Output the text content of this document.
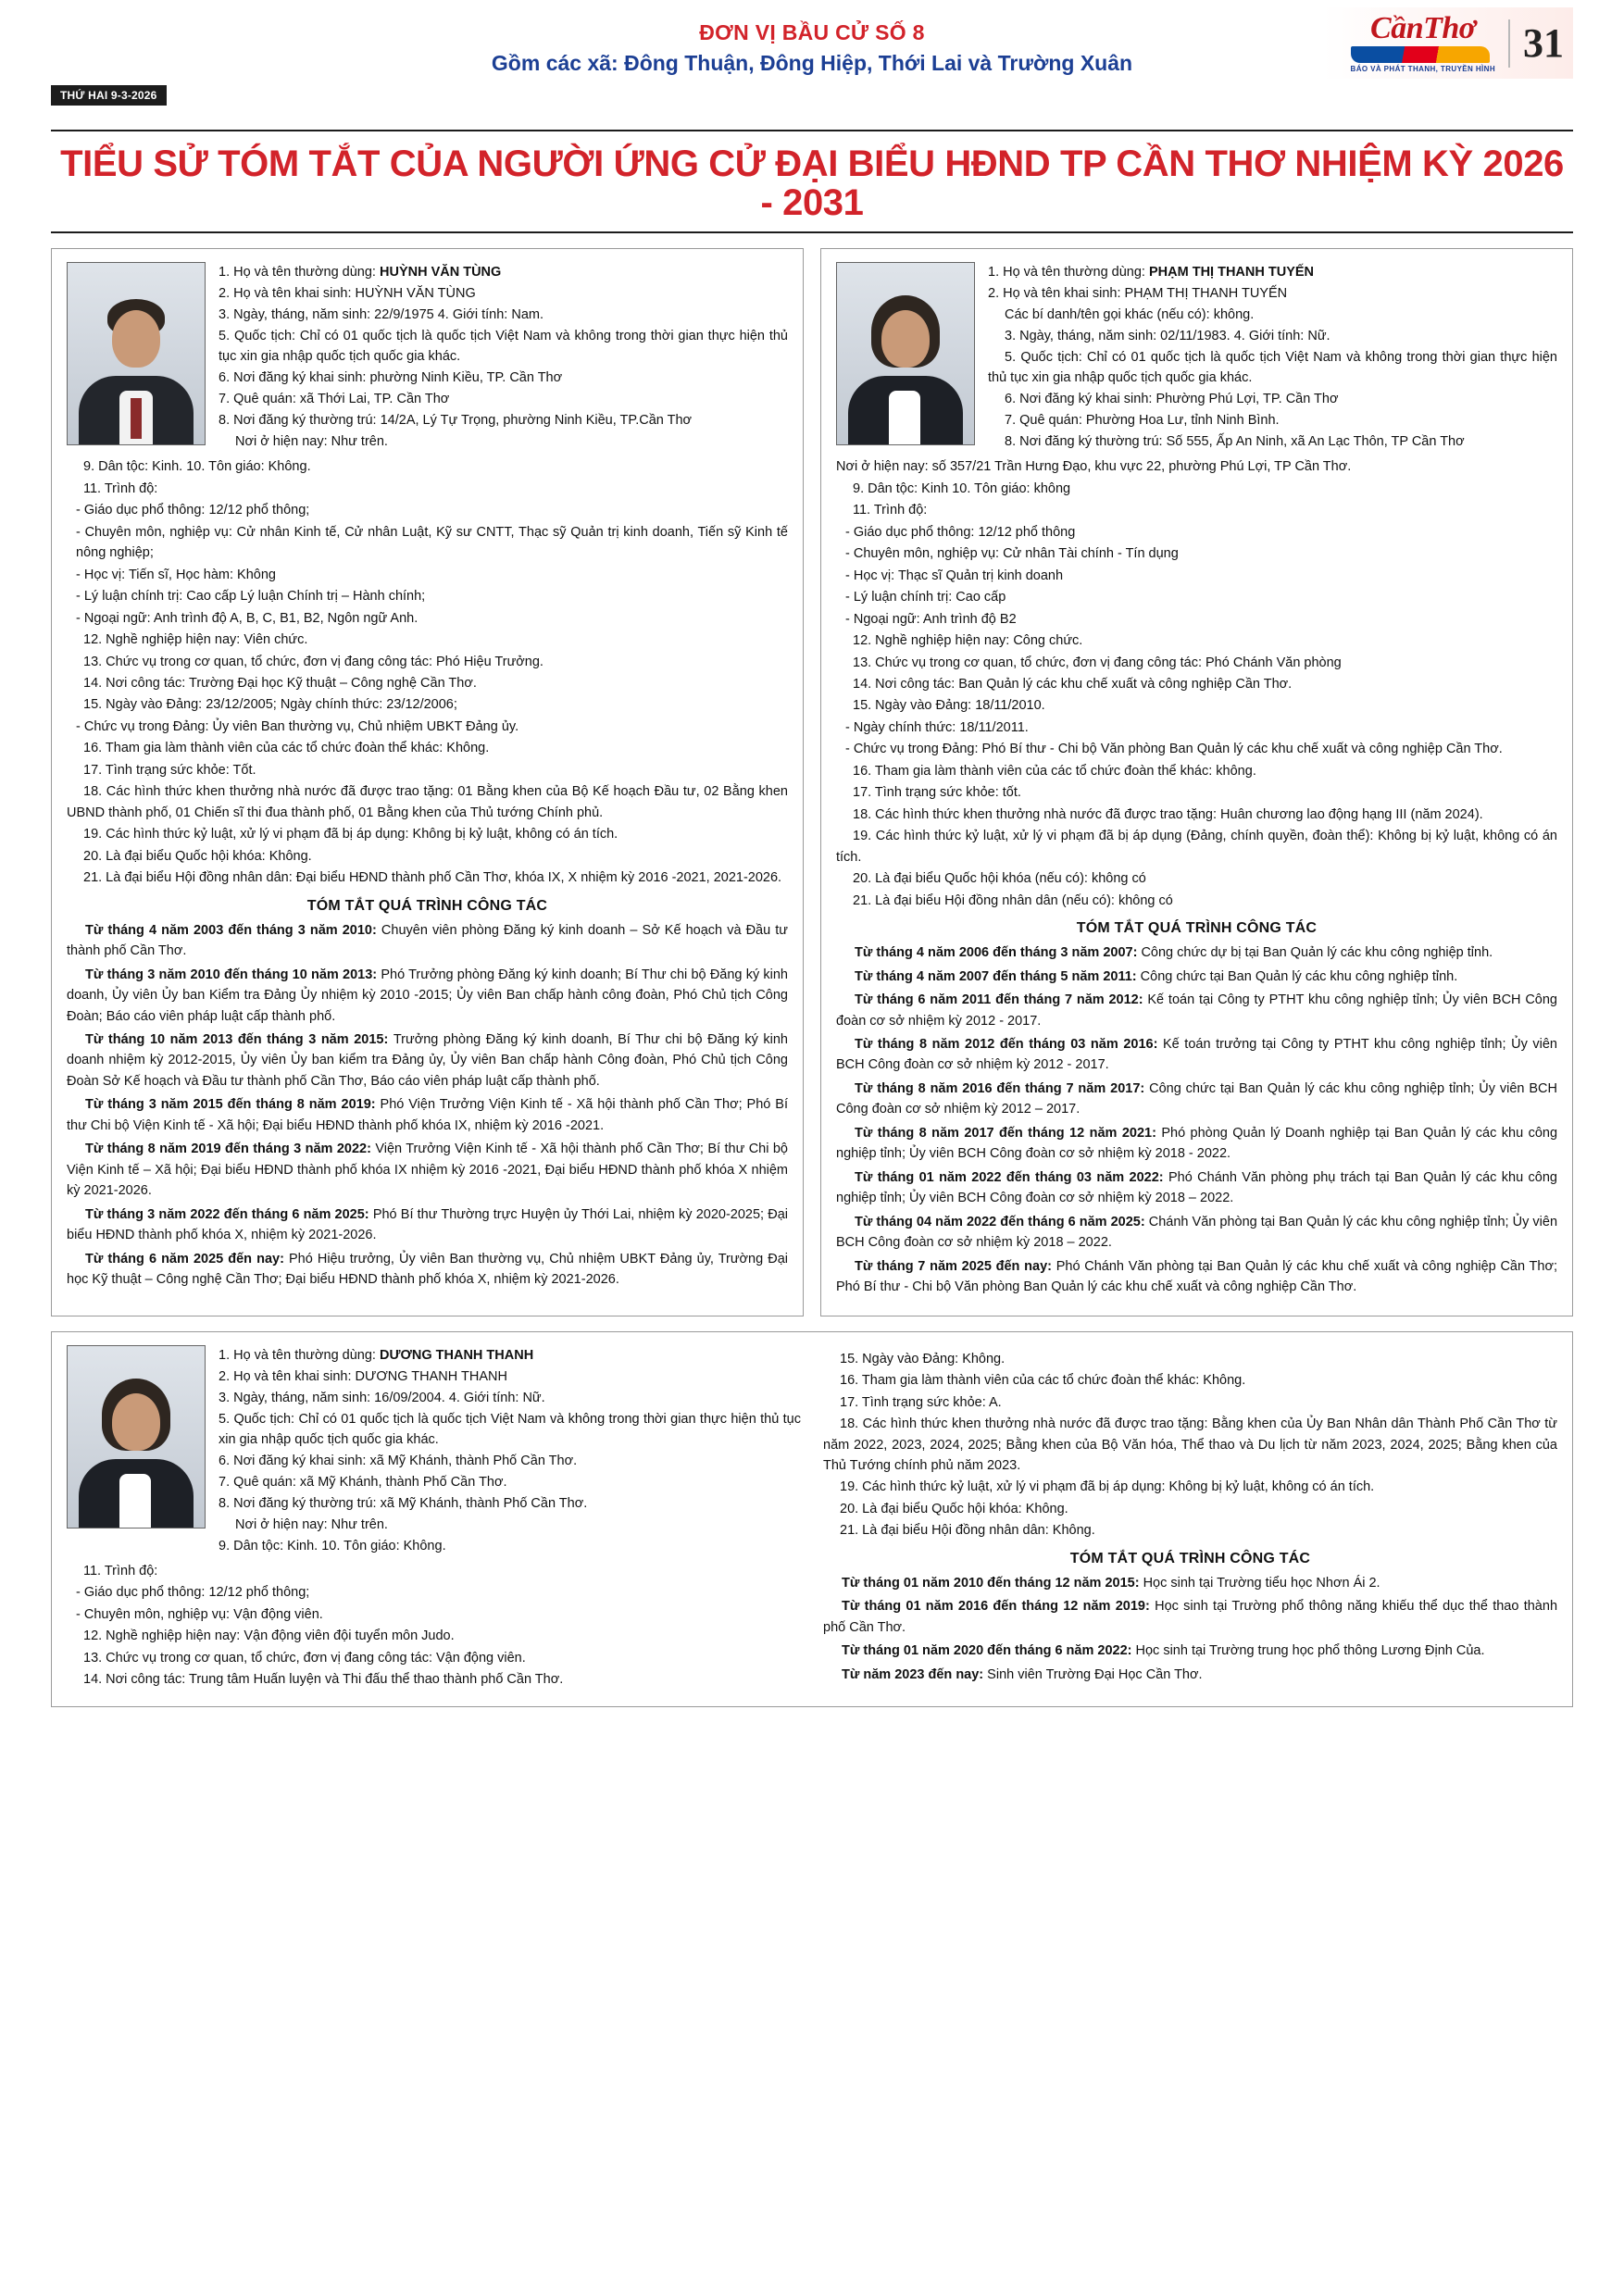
ĐƠN VỊ BẦU CỬ SỐ 8
Gồm các xã: Đông Thuận, Đông Hiệp, Thới Lai và Trường Xuân
CầnThơ
BÁO VÀ PHÁT THANH, TRUYỀN HÌNH
31
THỨ HAI 9-3-2026
TIỂU SỬ TÓM TẮT CỦA NGƯỜI ỨNG CỬ ĐẠI BIỂU HĐND TP CẦN THƠ NHIỆM KỲ 2026 - 2031

1. Họ và tên thường dùng: HUỲNH VĂN TÙNG

2. Họ và tên khai sinh: HUỲNH VĂN TÙNG

3. Ngày, tháng, năm sinh: 22/9/1975 4. Giới tính: Nam.

5. Quốc tịch: Chỉ có 01 quốc tịch là quốc tịch Việt Nam và không trong thời gian thực hiện thủ tục xin gia nhập quốc tịch quốc gia khác.

6. Nơi đăng ký khai sinh: phường Ninh Kiều, TP. Cần Thơ

7. Quê quán: xã Thới Lai, TP. Cần Thơ

8. Nơi đăng ký thường trú: 14/2A, Lý Tự Trọng, phường Ninh Kiều, TP.Cần Thơ

Nơi ở hiện nay: Như trên.

9. Dân tộc: Kinh. 10. Tôn giáo: Không.

11. Trình độ:

- Giáo dục phổ thông: 12/12 phổ thông;

- Chuyên môn, nghiệp vụ: Cử nhân Kinh tế, Cử nhân Luật, Kỹ sư CNTT, Thạc sỹ Quản trị kinh doanh, Tiến sỹ Kinh tế nông nghiệp;

- Học vị: Tiến sĩ, Học hàm: Không

- Lý luận chính trị: Cao cấp Lý luận Chính trị – Hành chính;

- Ngoại ngữ: Anh trình độ A, B, C, B1, B2, Ngôn ngữ Anh.

12. Nghề nghiệp hiện nay: Viên chức.

13. Chức vụ trong cơ quan, tổ chức, đơn vị đang công tác: Phó Hiệu Trưởng.

14. Nơi công tác: Trường Đại học Kỹ thuật – Công nghệ Cần Thơ.

15. Ngày vào Đảng: 23/12/2005; Ngày chính thức: 23/12/2006;

- Chức vụ trong Đảng: Ủy viên Ban thường vụ, Chủ nhiệm UBKT Đảng ủy.

16. Tham gia làm thành viên của các tổ chức đoàn thể khác: Không.

17. Tình trạng sức khỏe: Tốt.

18. Các hình thức khen thưởng nhà nước đã được trao tặng: 01 Bằng khen của Bộ Kế hoạch Đầu tư, 02 Bằng khen UBND thành phố, 01 Chiến sĩ thi đua thành phố, 01 Bằng khen của Thủ tướng Chính phủ.

19. Các hình thức kỷ luật, xử lý vi phạm đã bị áp dụng: Không bị kỷ luật, không có án tích.

20. Là đại biểu Quốc hội khóa: Không.

21. Là đại biểu Hội đồng nhân dân: Đại biểu HĐND thành phố Cần Thơ, khóa IX, X nhiệm kỳ 2016 -2021, 2021-2026.

TÓM TẮT QUÁ TRÌNH CÔNG TÁC

Từ tháng 4 năm 2003 đến tháng 3 năm 2010: Chuyên viên phòng Đăng ký kinh doanh – Sở Kế hoạch và Đầu tư thành phố Cần Thơ.

Từ tháng 3 năm 2010 đến tháng 10 năm 2013: Phó Trưởng phòng Đăng ký kinh doanh; Bí Thư chi bộ Đăng ký kinh doanh, Ủy viên Ủy ban Kiểm tra Đảng Ủy nhiệm kỳ 2010 -2015; Ủy viên Ban chấp hành công đoàn, Phó Chủ tịch Công Đoàn; Báo cáo viên pháp luật cấp thành phố.

Từ tháng 10 năm 2013 đến tháng 3 năm 2015: Trưởng phòng Đăng ký kinh doanh, Bí Thư chi bộ Đăng ký kinh doanh nhiệm kỳ 2012-2015, Ủy viên Ủy ban kiểm tra Đảng ủy, Ủy viên Ban chấp hành Công đoàn, Phó Chủ tịch Công Đoàn Sở Kế hoạch và Đầu tư thành phố Cần Thơ, Báo cáo viên pháp luật cấp thành phố.

Từ tháng 3 năm 2015 đến tháng 8 năm 2019: Phó Viện Trưởng Viện Kinh tế - Xã hội thành phố Cần Thơ; Phó Bí thư Chi bộ Viện Kinh tế - Xã hội; Đại biểu HĐND thành phố khóa IX, nhiệm kỳ 2016 -2021.

Từ tháng 8 năm 2019 đến tháng 3 năm 2022: Viện Trưởng Viện Kinh tế - Xã hội thành phố Cần Thơ; Bí thư Chi bộ Viện Kinh tế – Xã hội; Đại biểu HĐND thành phố khóa IX nhiệm kỳ 2016 -2021, Đại biểu HĐND thành phố khóa X nhiệm kỳ 2021-2026.

Từ tháng 3 năm 2022 đến tháng 6 năm 2025: Phó Bí thư Thường trực Huyện ủy Thới Lai, nhiệm kỳ 2020-2025; Đại biểu HĐND thành phố khóa X, nhiệm kỳ 2021-2026.

Từ tháng 6 năm 2025 đến nay: Phó Hiệu trưởng, Ủy viên Ban thường vụ, Chủ nhiệm UBKT Đảng ủy, Trường Đại học Kỹ thuật – Công nghệ Cần Thơ; Đại biểu HĐND thành phố khóa X, nhiệm kỳ 2021-2026.

1. Họ và tên thường dùng: PHẠM THỊ THANH TUYẾN

2. Họ và tên khai sinh: PHẠM THỊ THANH TUYẾN

Các bí danh/tên gọi khác (nếu có): không.

3. Ngày, tháng, năm sinh: 02/11/1983. 4. Giới tính: Nữ.

5. Quốc tịch: Chỉ có 01 quốc tịch là quốc tịch Việt Nam và không trong thời gian thực hiện thủ tục xin gia nhập quốc tịch quốc gia khác.

6. Nơi đăng ký khai sinh: Phường Phú Lợi, TP. Cần Thơ

7. Quê quán: Phường Hoa Lư, tỉnh Ninh Bình.

8. Nơi đăng ký thường trú: Số 555, Ấp An Ninh, xã An Lạc Thôn, TP Cần Thơ

Nơi ở hiện nay: số 357/21 Trần Hưng Đạo, khu vực 22, phường Phú Lợi, TP Cần Thơ.

9. Dân tộc: Kinh 10. Tôn giáo: không

11. Trình độ:

- Giáo dục phổ thông: 12/12 phổ thông

- Chuyên môn, nghiệp vụ: Cử nhân Tài chính - Tín dụng

- Học vị: Thạc sĩ Quản trị kinh doanh

- Lý luận chính trị: Cao cấp

- Ngoại ngữ: Anh trình độ B2

12. Nghề nghiệp hiện nay: Công chức.

13. Chức vụ trong cơ quan, tổ chức, đơn vị đang công tác: Phó Chánh Văn phòng

14. Nơi công tác: Ban Quản lý các khu chế xuất và công nghiệp Cần Thơ.

15. Ngày vào Đảng: 18/11/2010.

- Ngày chính thức: 18/11/2011.

- Chức vụ trong Đảng: Phó Bí thư - Chi bộ Văn phòng Ban Quản lý các khu chế xuất và công nghiệp Cần Thơ.

16. Tham gia làm thành viên của các tổ chức đoàn thể khác: không.

17. Tình trạng sức khỏe: tốt.

18. Các hình thức khen thưởng nhà nước đã được trao tặng: Huân chương lao động hạng III (năm 2024).

19. Các hình thức kỷ luật, xử lý vi phạm đã bị áp dụng (Đảng, chính quyền, đoàn thể): Không bị kỷ luật, không có án tích.

20. Là đại biểu Quốc hội khóa (nếu có): không có

21. Là đại biểu Hội đồng nhân dân (nếu có): không có

TÓM TẮT QUÁ TRÌNH CÔNG TÁC

Từ tháng 4 năm 2006 đến tháng 3 năm 2007: Công chức dự bị tại Ban Quản lý các khu công nghiệp tỉnh.

Từ tháng 4 năm 2007 đến tháng 5 năm 2011: Công chức tại Ban Quản lý các khu công nghiệp tỉnh.

Từ tháng 6 năm 2011 đến tháng 7 năm 2012: Kế toán tại Công ty PTHT khu công nghiệp tỉnh; Ủy viên BCH Công đoàn cơ sở nhiệm kỳ 2012 - 2017.

Từ tháng 8 năm 2012 đến tháng 03 năm 2016: Kế toán trưởng tại Công ty PTHT khu công nghiệp tỉnh; Ủy viên BCH Công đoàn cơ sở nhiệm kỳ 2012 - 2017.

Từ tháng 8 năm 2016 đến tháng 7 năm 2017: Công chức tại Ban Quản lý các khu công nghiệp tỉnh; Ủy viên BCH Công đoàn cơ sở nhiệm kỳ 2012 – 2017.

Từ tháng 8 năm 2017 đến tháng 12 năm 2021: Phó phòng Quản lý Doanh nghiệp tại Ban Quản lý các khu công nghiệp tỉnh; Ủy viên BCH Công đoàn cơ sở nhiệm kỳ 2018 - 2022.

Từ tháng 01 năm 2022 đến tháng 03 năm 2022: Phó Chánh Văn phòng phụ trách tại Ban Quản lý các khu công nghiệp tỉnh; Ủy viên BCH Công đoàn cơ sở nhiệm kỳ 2018 – 2022.

Từ tháng 04 năm 2022 đến tháng 6 năm 2025: Chánh Văn phòng tại Ban Quản lý các khu công nghiệp tỉnh; Ủy viên BCH Công đoàn cơ sở nhiệm kỳ 2018 – 2022.

Từ tháng 7 năm 2025 đến nay: Phó Chánh Văn phòng tại Ban Quản lý các khu chế xuất và công nghiệp Cần Thơ; Phó Bí thư - Chi bộ Văn phòng Ban Quản lý các khu chế xuất và công nghiệp Cần Thơ.

1. Họ và tên thường dùng: DƯƠNG THANH THANH

2. Họ và tên khai sinh: DƯƠNG THANH THANH

3. Ngày, tháng, năm sinh: 16/09/2004. 4. Giới tính: Nữ.

5. Quốc tịch: Chỉ có 01 quốc tịch là quốc tịch Việt Nam và không trong thời gian thực hiện thủ tục xin gia nhập quốc tịch quốc gia khác.

6. Nơi đăng ký khai sinh: xã Mỹ Khánh, thành Phố Cần Thơ.

7. Quê quán: xã Mỹ Khánh, thành Phố Cần Thơ.

8. Nơi đăng ký thường trú: xã Mỹ Khánh, thành Phố Cần Thơ.

Nơi ở hiện nay: Như trên.

9. Dân tộc: Kinh. 10. Tôn giáo: Không.

11. Trình độ:

- Giáo dục phổ thông: 12/12 phổ thông;

- Chuyên môn, nghiệp vụ: Vận động viên.

12. Nghề nghiệp hiện nay: Vận động viên đội tuyển môn Judo.

13. Chức vụ trong cơ quan, tổ chức, đơn vị đang công tác: Vận động viên.

14. Nơi công tác: Trung tâm Huấn luyện và Thi đấu thể thao thành phố Cần Thơ.

15. Ngày vào Đảng: Không.

16. Tham gia làm thành viên của các tổ chức đoàn thể khác: Không.

17. Tình trạng sức khỏe: A.

18. Các hình thức khen thưởng nhà nước đã được trao tặng: Bằng khen của Ủy Ban Nhân dân Thành Phố Cần Thơ từ năm 2022, 2023, 2024, 2025; Bằng khen của Bộ Văn hóa, Thể thao và Du lịch từ năm 2023, 2024, 2025; Bằng khen của Thủ Tướng chính phủ năm 2023.

19. Các hình thức kỷ luật, xử lý vi phạm đã bị áp dụng: Không bị kỷ luật, không có án tích.

20. Là đại biểu Quốc hội khóa: Không.

21. Là đại biểu Hội đồng nhân dân: Không.

TÓM TẮT QUÁ TRÌNH CÔNG TÁC

Từ tháng 01 năm 2010 đến tháng 12 năm 2015: Học sinh tại Trường tiểu học Nhơn Ái 2.

Từ tháng 01 năm 2016 đến tháng 12 năm 2019: Học sinh tại Trường phổ thông năng khiếu thể dục thể thao thành phố Cần Thơ.

Từ tháng 01 năm 2020 đến tháng 6 năm 2022: Học sinh tại Trường trung học phổ thông Lương Định Của.

Từ năm 2023 đến nay: Sinh viên Trường Đại Học Cần Thơ.
